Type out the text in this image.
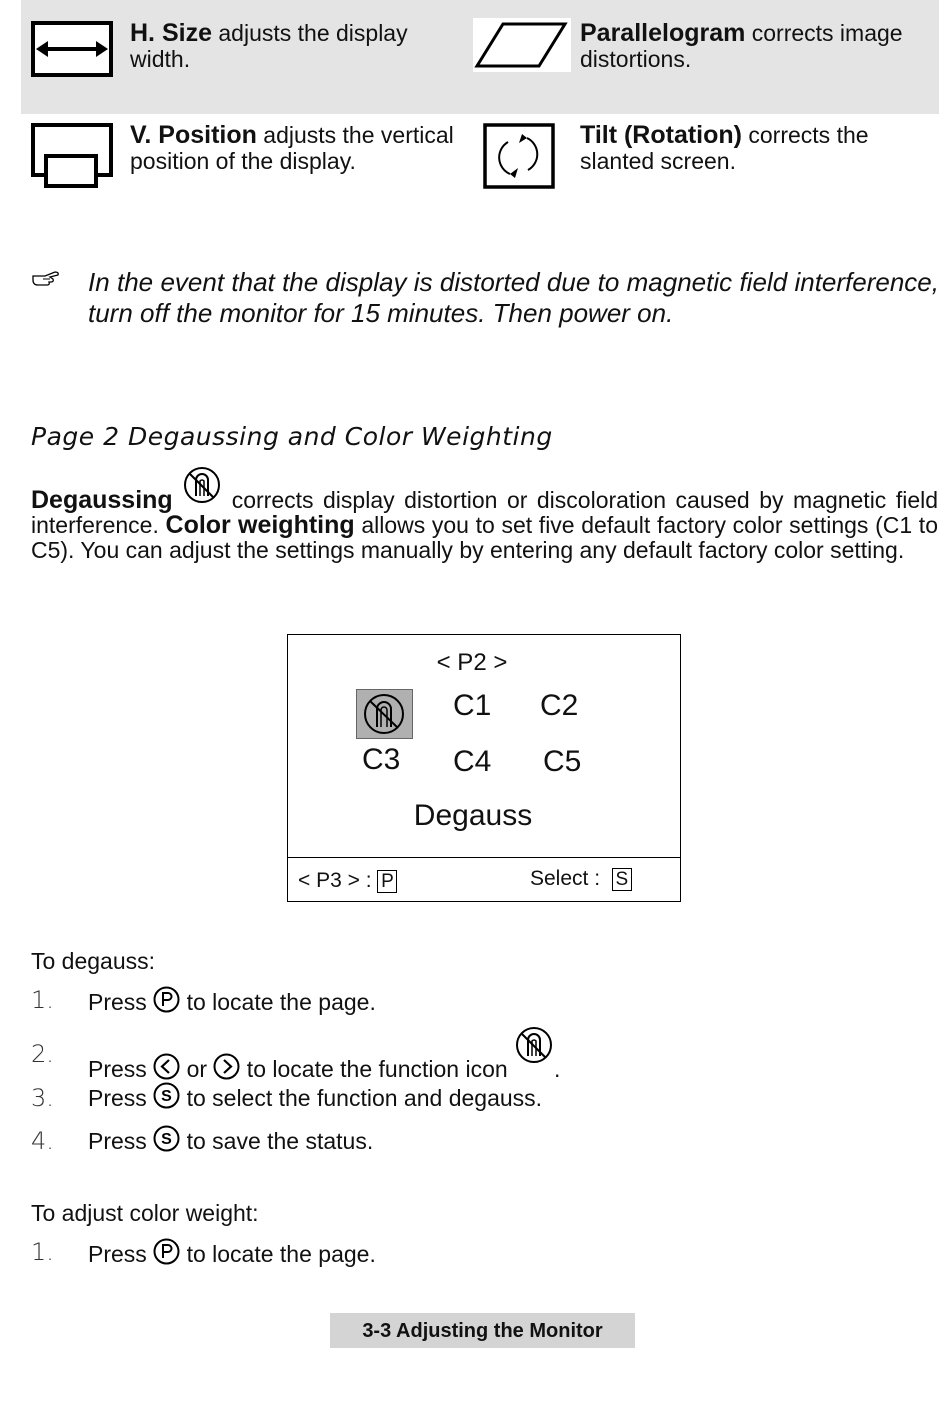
H. Size adjusts the display width.
Parallelogram corrects image distortions.
V. Position adjusts the vertical position of the display.
Tilt (Rotation) corrects the slanted screen.
In the event that the display is distorted due to magnetic field interference, turn off the monitor for 15 minutes. Then power on.
Page 2 Degaussing and Color Weighting
Degaussing  corrects display distortion or discoloration caused by magnetic field interference. Color weighting allows you to set five default factory color settings (C1 to C5). You can adjust the settings manually by entering any default factory color setting.
< P2 >
C1 C2
C3 C4 C5
Degauss
< P3 > : P	Select : S
To degauss:
1. Press  to locate the page.
2.
Press  or  to locate the function icon .
3. Press S to select the function and degauss.
4. Press S to save the status.
To adjust color weight:
1. Press  to locate the page.
3-3 Adjusting the Monitor
